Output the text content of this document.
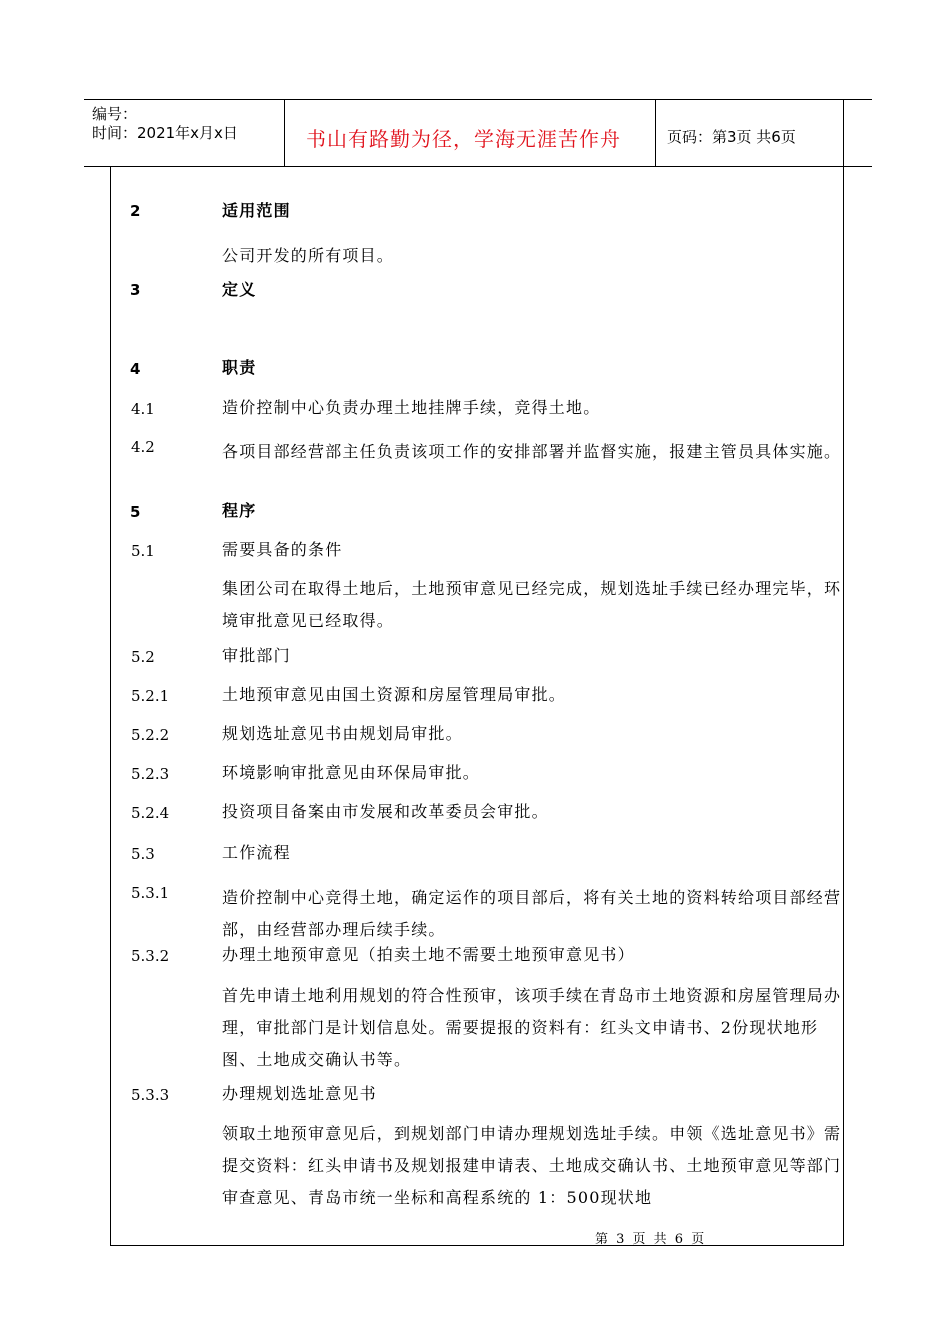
编号：
时间：2021年x月x日	书山有路勤为径，学海无涯苦作舟	页码：第3页 共6页
2	适用范围
公司开发的所有项目。
3	定义
4	职责
4.1	造价控制中心负责办理土地挂牌手续，竞得土地。
4.2	各项目部经营部主任负责该项工作的安排部署并监督实施，报建主管员具体实施。
5	程序
5.1	需要具备的条件
集团公司在取得土地后，土地预审意见已经完成，规划选址手续已经办理完毕，环境审批意见已经取得。
5.2	审批部门
5.2.1	土地预审意见由国土资源和房屋管理局审批。
5.2.2	规划选址意见书由规划局审批。
5.2.3	环境影响审批意见由环保局审批。
5.2.4	投资项目备案由市发展和改革委员会审批。
5.3	工作流程
5.3.1	造价控制中心竞得土地，确定运作的项目部后，将有关土地的资料转给项目部经营部，由经营部办理后续手续。
5.3.2	办理土地预审意见（拍卖土地不需要土地预审意见书）
首先申请土地利用规划的符合性预审，该项手续在青岛市土地资源和房屋管理局办理，审批部门是计划信息处。需要提报的资料有：红头文申请书、2份现状地形图、土地成交确认书等。
5.3.3	办理规划选址意见书
领取土地预审意见后，到规划部门申请办理规划选址手续。申领《选址意见书》需提交资料：红头申请书及规划报建申请表、土地成交确认书、土地预审意见等部门审查意见、青岛市统一坐标和高程系统的 1：500现状地
第 3 页 共 6 页
